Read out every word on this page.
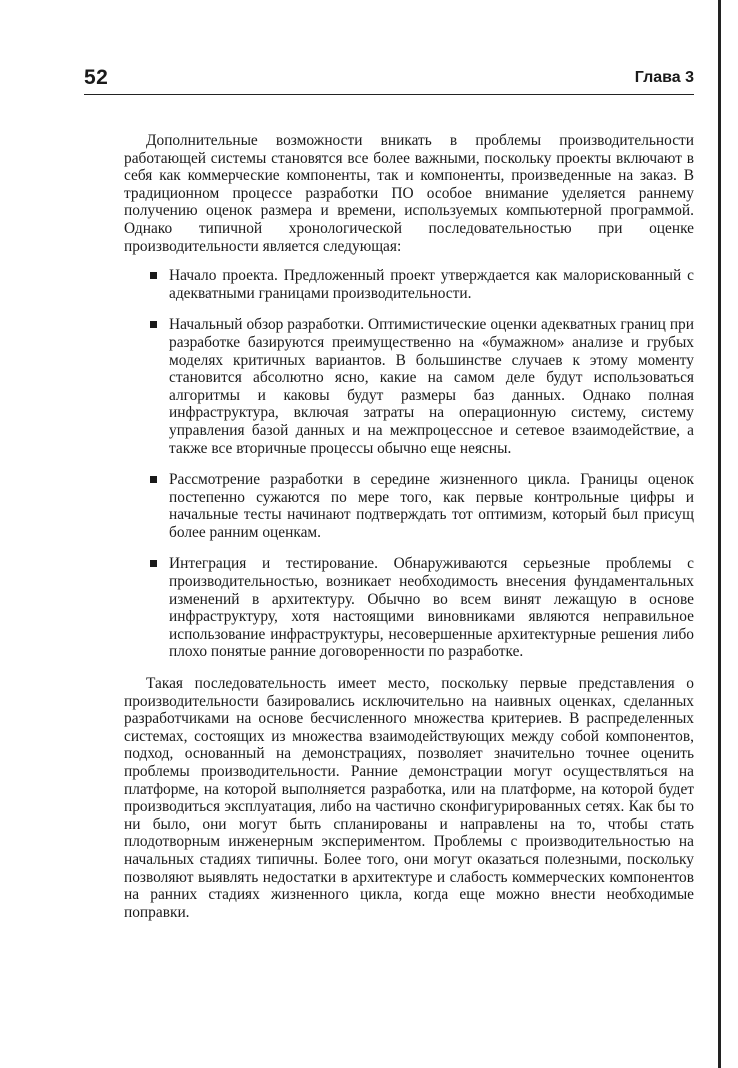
52	Глава 3

Дополнительные возможности вникать в проблемы производительности работающей системы становятся все более важными, поскольку проекты включают в себя как коммерческие компоненты, так и компоненты, произведенные на заказ. В традиционном процессе разработки ПО особое внимание уделяется раннему получению оценок размера и времени, используемых компьютерной программой. Однако типичной хронологической последовательностью при оценке производительности является следующая:

Начало проекта. Предложенный проект утверждается как малорискованный с адекватными границами производительности.
Начальный обзор разработки. Оптимистические оценки адекватных границ при разработке базируются преимущественно на «бумажном» анализе и грубых моделях критичных вариантов. В большинстве случаев к этому моменту становится абсолютно ясно, какие на самом деле будут использоваться алгоритмы и каковы будут размеры баз данных. Однако полная инфраструктура, включая затраты на операционную систему, систему управления базой данных и на межпроцессное и сетевое взаимодействие, а также все вторичные процессы обычно еще неясны.
Рассмотрение разработки в середине жизненного цикла. Границы оценок постепенно сужаются по мере того, как первые контрольные цифры и начальные тесты начинают подтверждать тот оптимизм, который был присущ более ранним оценкам.
Интеграция и тестирование. Обнаруживаются серьезные проблемы с производительностью, возникает необходимость внесения фундаментальных изменений в архитектуру. Обычно во всем винят лежащую в основе инфраструктуру, хотя настоящими виновниками являются неправильное использование инфраструктуры, несовершенные архитектурные решения либо плохо понятые ранние договоренности по разработке.

Такая последовательность имеет место, поскольку первые представления о производительности базировались исключительно на наивных оценках, сделанных разработчиками на основе бесчисленного множества критериев. В распределенных системах, состоящих из множества взаимодействующих между собой компонентов, подход, основанный на демонстрациях, позволяет значительно точнее оценить проблемы производительности. Ранние демонстрации могут осуществляться на платформе, на которой выполняется разработка, или на платформе, на которой будет производиться эксплуатация, либо на частично сконфигурированных сетях. Как бы то ни было, они могут быть спланированы и направлены на то, чтобы стать плодотворным инженерным экспериментом. Проблемы с производительностью на начальных стадиях типичны. Более того, они могут оказаться полезными, поскольку позволяют выявлять недостатки в архитектуре и слабость коммерческих компонентов на ранних стадиях жизненного цикла, когда еще можно внести необходимые поправки.
